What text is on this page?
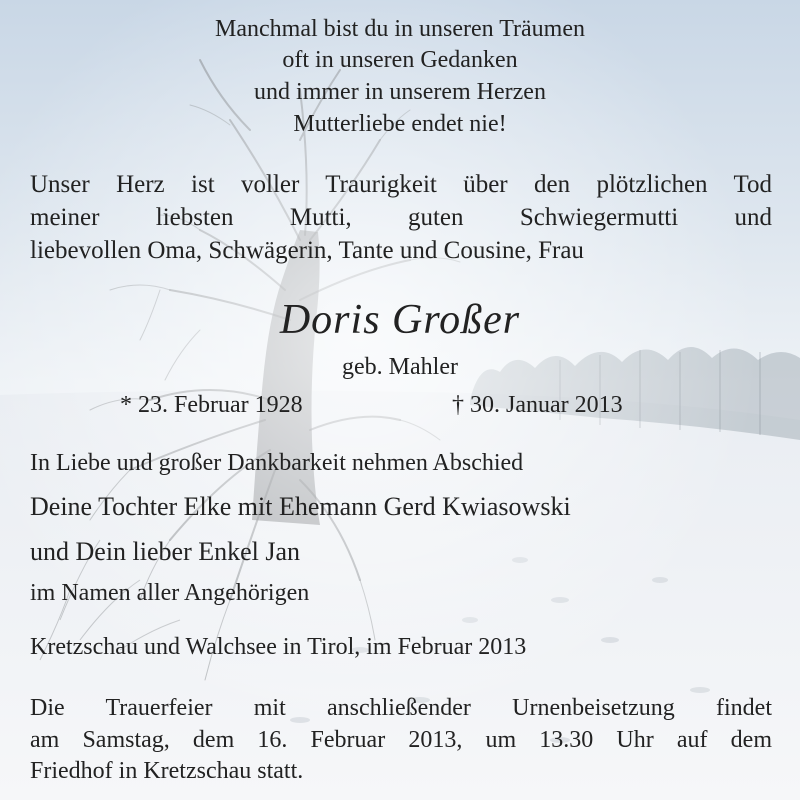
Manchmal bist du in unseren Träumen
oft in unseren Gedanken
und immer in unserem Herzen
Mutterliebe endet nie!
Unser Herz ist voller Traurigkeit über den plötzlichen Tod
meiner liebsten Mutti, guten Schwiegermutti und
liebevollen Oma, Schwägerin, Tante und Cousine, Frau
Doris Großer
geb. Mahler
* 23. Februar 1928	† 30. Januar 2013
In Liebe und großer Dankbarkeit nehmen Abschied
Deine Tochter Elke mit Ehemann Gerd Kwiasowski
und Dein lieber Enkel Jan
im Namen aller Angehörigen
Kretzschau und Walchsee in Tirol, im Februar 2013
Die Trauerfeier mit anschließender Urnenbeisetzung findet
am Samstag, dem 16. Februar 2013, um 13.30 Uhr auf dem
Friedhof in Kretzschau statt.
